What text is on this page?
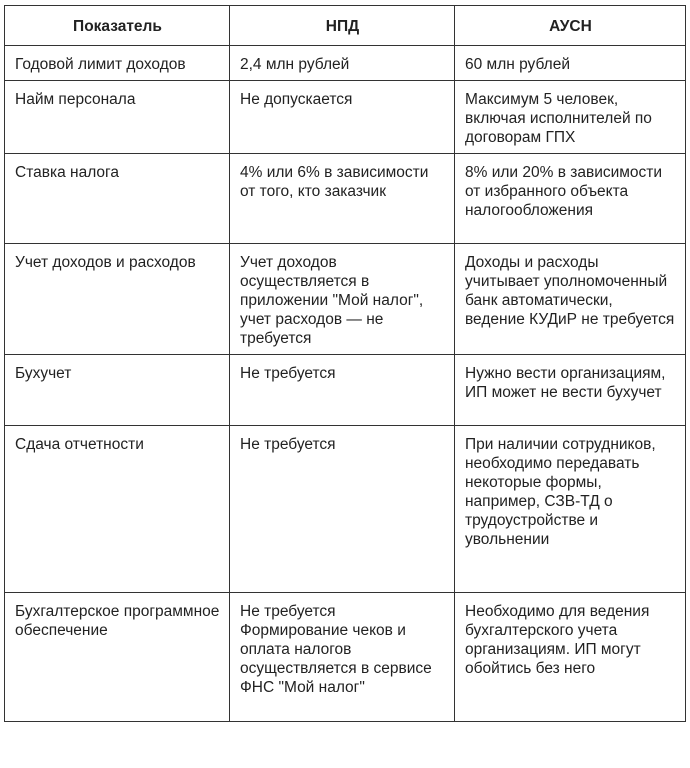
Показатель	НПД	АУСН
Годовой лимит доходов	2,4 млн рублей	60 млн рублей
Найм персонала	Не допускается	Максимум 5 человек, включая исполнителей по договорам ГПХ
Ставка налога	4% или 6% в зависимости от того, кто заказчик	8% или 20% в зависимости от избранного объекта налогообложения
Учет доходов и расходов	Учет доходов осуществляется в приложении "Мой налог", учет расходов — не требуется	Доходы и расходы учитывает уполномоченный банк автоматически, ведение КУДиР не требуется
Бухучет	Не требуется	Нужно вести организациям, ИП может не вести бухучет
Сдача отчетности	Не требуется	При наличии сотрудников, необходимо передавать некоторые формы, например, СЗВ-ТД о трудоустройстве и увольнении
Бухгалтерское программное обеспечение	Не требуется Формирование чеков и оплата налогов осуществляется в сервисе ФНС "Мой налог"	Необходимо для ведения бухгалтерского учета организациям. ИП могут обойтись без него
